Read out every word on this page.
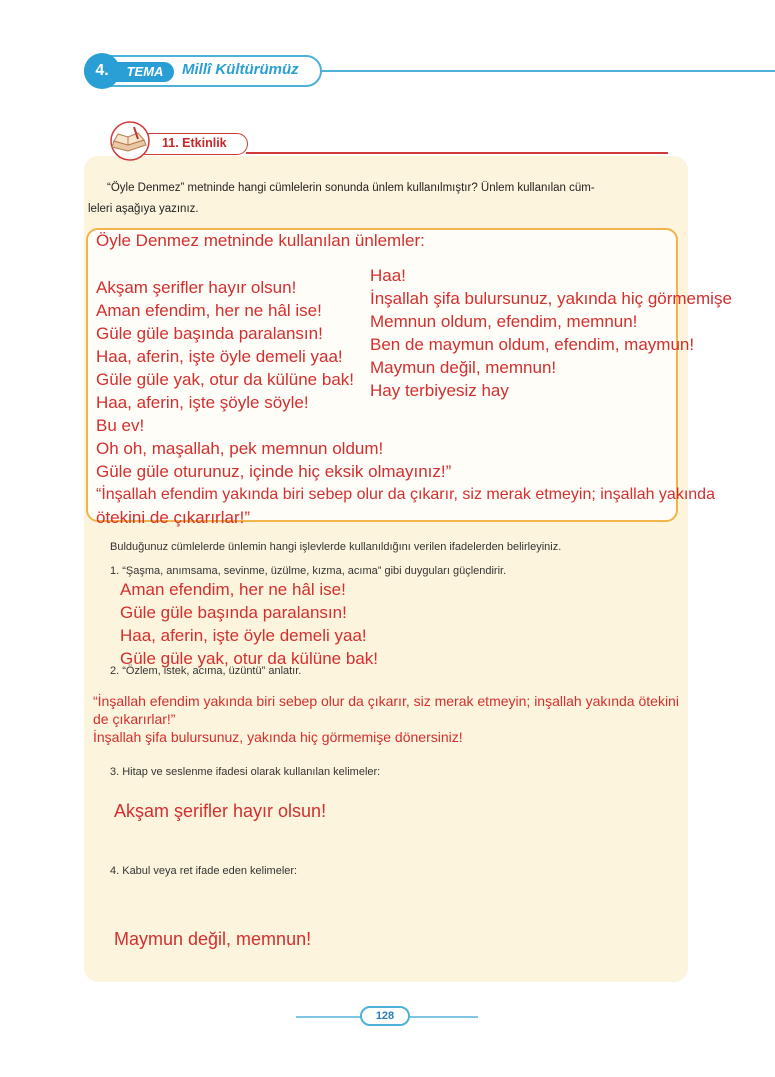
4.	TEMA	Millî Kültürümüz
11. Etkinlik
“Öyle Denmez” metninde hangi cümlelerin sonunda ünlem kullanılmıştır? Ünlem kullanılan cüm-
leleri aşağıya yazınız.
Öyle Denmez metninde kullanılan ünlemler:
Akşam şerifler hayır olsun!
Aman efendim, her ne hâl ise!
Güle güle başında paralansın!
Haa, aferin, işte öyle demeli yaa!
Güle güle yak, otur da külüne bak!
Haa, aferin, işte şöyle söyle!
Bu ev!
Oh oh, maşallah, pek memnun oldum!
Güle güle oturunuz, içinde hiç eksik olmayınız!”
“İnşallah efendim yakında biri sebep olur da çıkarır, siz merak etmeyin; inşallah yakında
ötekini de çıkarırlar!”
Haa!
İnşallah şifa bulursunuz, yakında hiç görmemişe
Memnun oldum, efendim, memnun!
Ben de maymun oldum, efendim, maymun!
Maymun değil, memnun!
Hay terbiyesiz hay
Bulduğunuz cümlelerde ünlemin hangi işlevlerde kullanıldığını verilen ifadelerden belirleyiniz.
1. “Şaşma, anımsama, sevinme, üzülme, kızma, acıma” gibi duyguları güçlendirir.
Aman efendim, her ne hâl ise!
Güle güle başında paralansın!
Haa, aferin, işte öyle demeli yaa!
Güle güle yak, otur da külüne bak!
2. “Özlem, istek, acıma, üzüntü” anlatır.
“İnşallah efendim yakında biri sebep olur da çıkarır, siz merak etmeyin; inşallah yakında ötekini
de çıkarırlar!”
İnşallah şifa bulursunuz, yakında hiç görmemişe dönersiniz!
3. Hitap ve seslenme ifadesi olarak kullanılan kelimeler:
Akşam şerifler hayır olsun!
4. Kabul veya ret ifade eden kelimeler:
Maymun değil, memnun!
128
